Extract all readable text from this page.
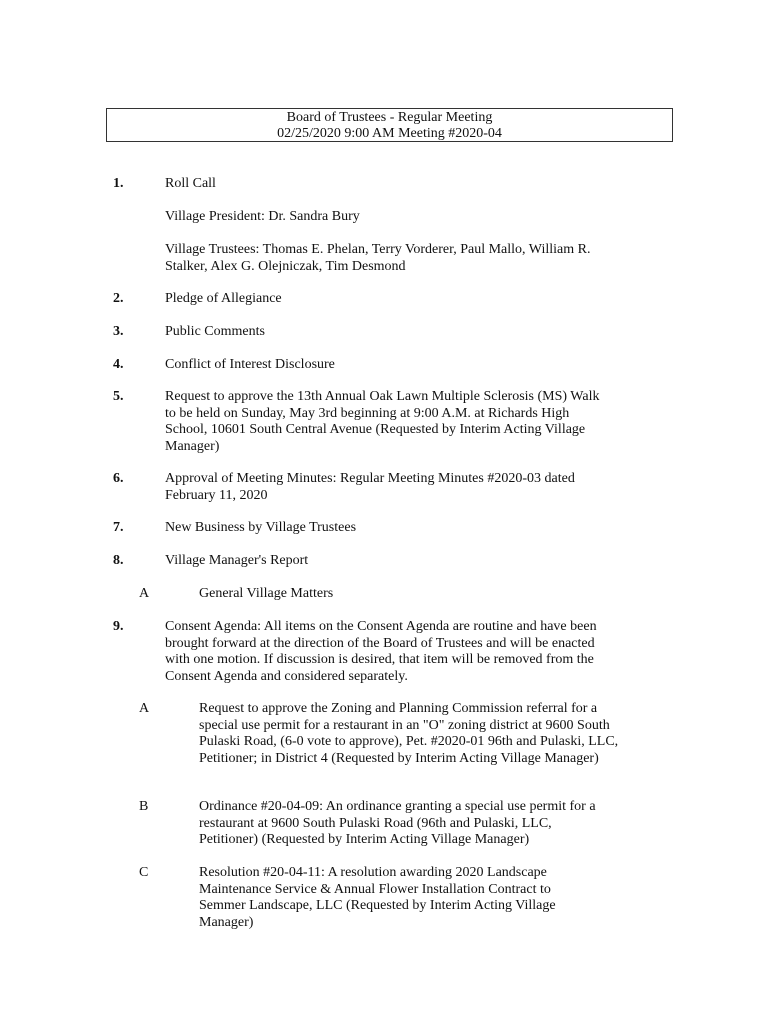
Board of Trustees - Regular Meeting
02/25/2020 9:00 AM Meeting #2020-04
1.	Roll Call
Village President: Dr. Sandra Bury
Village Trustees: Thomas E. Phelan, Terry Vorderer, Paul Mallo, William R. Stalker, Alex G. Olejniczak, Tim Desmond
2.	Pledge of Allegiance
3.	Public Comments
4.	Conflict of Interest Disclosure
5.	Request to approve the 13th Annual Oak Lawn Multiple Sclerosis (MS) Walk to be held on Sunday, May 3rd beginning at 9:00 A.M. at Richards High School, 10601 South Central Avenue (Requested by Interim Acting Village Manager)
6.	Approval of Meeting Minutes: Regular Meeting Minutes #2020-03 dated February 11, 2020
7.	New Business by Village Trustees
8.	Village Manager's Report
A	General Village Matters
9.	Consent Agenda: All items on the Consent Agenda are routine and have been brought forward at the direction of the Board of Trustees and will be enacted with one motion. If discussion is desired, that item will be removed from the Consent Agenda and considered separately.
A	Request to approve the Zoning and Planning Commission referral for a special use permit for a restaurant in an "O" zoning district at 9600 South Pulaski Road, (6-0 vote to approve), Pet. #2020-01 96th and Pulaski, LLC, Petitioner; in District 4 (Requested by Interim Acting Village Manager)
B	Ordinance #20-04-09: An ordinance granting a special use permit for a restaurant at 9600 South Pulaski Road (96th and Pulaski, LLC, Petitioner) (Requested by Interim Acting Village Manager)
C	Resolution #20-04-11: A resolution awarding 2020 Landscape Maintenance Service & Annual Flower Installation Contract to Semmer Landscape, LLC (Requested by Interim Acting Village Manager)
